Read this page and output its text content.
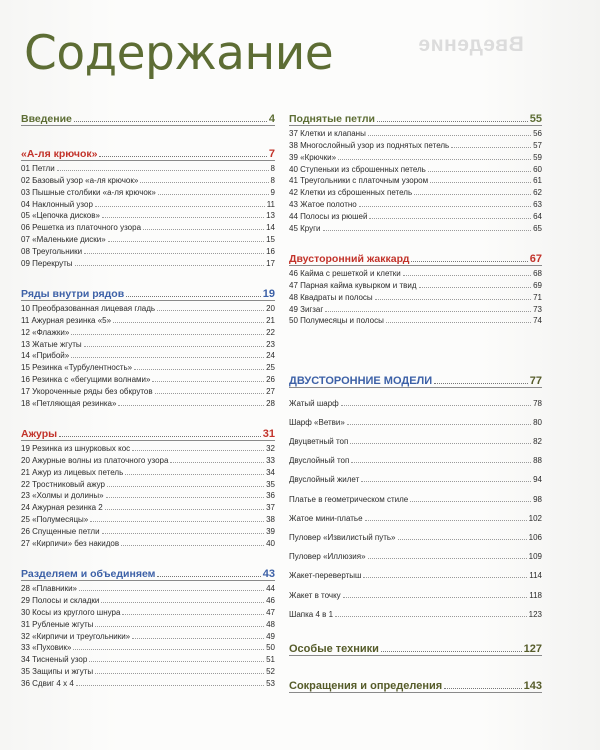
Введение
Содержание
Введение	4
«А-ля крючок»	7
01 Петли	8
02 Базовый узор «а-ля крючок»	8
03 Пышные столбики «а-ля крючок»	9
04 Наклонный узор	11
05 «Цепочка дисков»	13
06 Решетка из платочного узора	14
07 «Маленькие диски»	15
08 Треугольники	16
09 Перекруты	17
Ряды внутри рядов	19
10 Преобразованная лицевая гладь	20
11 Ажурная резинка «5»	21
12 «Флажки»	22
13 Жатые жгуты	23
14 «Прибой»	24
15 Резинка «Турбулентность»	25
16 Резинка с «бегущими волнами»	26
17 Укороченные ряды без обкрутов	27
18 «Петляющая резинка»	28
Ажуры	31
19 Резинка из шнурковых кос	32
20 Ажурные волны из платочного узора	33
21 Ажур из лицевых петель	34
22 Тростниковый ажур	35
23 «Холмы и долины»	36
24 Ажурная резинка 2	37
25 «Полумесяцы»	38
26 Спущенные петли	39
27 «Кирпичи» без накидов	40
Разделяем и объединяем	43
28 «Плавники»	44
29 Полосы и складки	46
30 Косы из круглого шнура	47
31 Рубленые жгуты	48
32 «Кирпичи и треугольники»	49
33 «Пуховик»	50
34 Тисненый узор	51
35 Защипы и жгуты	52
36 Сдвиг 4 х 4	53
Поднятые петли	55
37 Клетки и клапаны	56
38 Многослойный узор из поднятых петель	57
39 «Крючки»	59
40 Ступеньки из сброшенных петель	60
41 Треугольники с платочным узором	61
42 Клетки из сброшенных петель	62
43 Жатое полотно	63
44 Полосы из рюшей	64
45 Круги	65
Двусторонний жаккард	67
46 Кайма с решеткой и клетки	68
47 Парная кайма кувырком и твид	69
48 Квадраты и полосы	71
49 Зигзаг	73
50 Полумесяцы и полосы	74
ДВУСТОРОННИЕ МОДЕЛИ	77
Жатый шарф	78
Шарф «Ветви»	80
Двуцветный топ	82
Двуслойный топ	88
Двуслойный жилет	94
Платье в геометрическом стиле	98
Жатое мини-платье	102
Пуловер «Извилистый путь»	106
Пуловер «Иллюзия»	109
Жакет-перевертыш	114
Жакет в точку	118
Шапка 4 в 1	123
Особые техники	127
Сокращения и определения	143
